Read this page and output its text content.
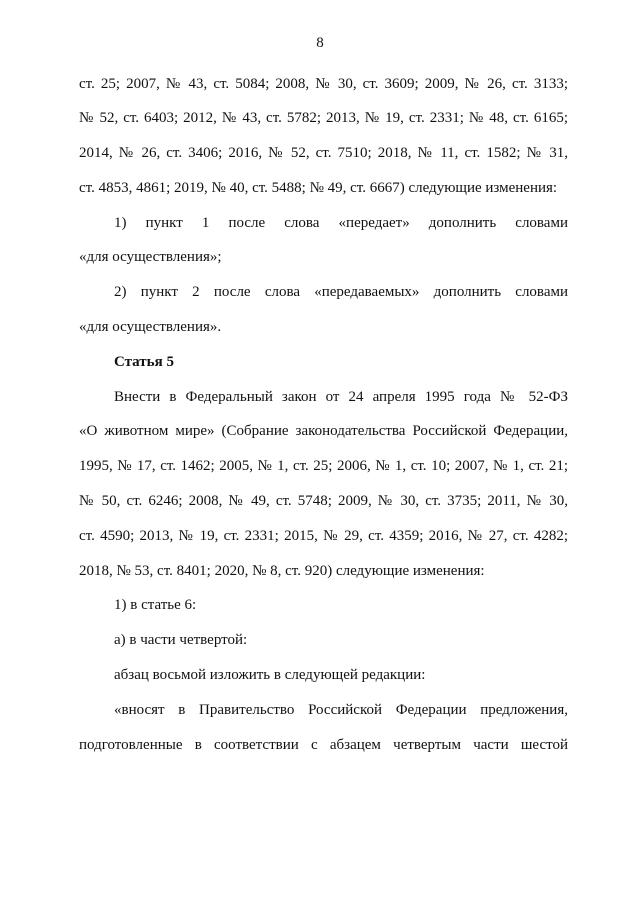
8
ст. 25; 2007, № 43, ст. 5084; 2008, № 30, ст. 3609; 2009, № 26, ст. 3133;
№ 52, ст. 6403; 2012, № 43, ст. 5782; 2013, № 19, ст. 2331; № 48, ст. 6165;
2014, № 26, ст. 3406; 2016, № 52, ст. 7510; 2018, № 11, ст. 1582; № 31,
ст. 4853, 4861; 2019, № 40, ст. 5488; № 49, ст. 6667) следующие изменения:
1) пункт 1 после слова «передает» дополнить словами
«для осуществления»;
2) пункт 2 после слова «передаваемых» дополнить словами
«для осуществления».
Статья 5
Внести в Федеральный закон от 24 апреля 1995 года № 52-ФЗ
«О животном мире» (Собрание законодательства Российской Федерации,
1995, № 17, ст. 1462; 2005, № 1, ст. 25; 2006, № 1, ст. 10; 2007, № 1, ст. 21;
№ 50, ст. 6246; 2008, № 49, ст. 5748; 2009, № 30, ст. 3735; 2011, № 30,
ст. 4590; 2013, № 19, ст. 2331; 2015, № 29, ст. 4359; 2016, № 27, ст. 4282;
2018, № 53, ст. 8401; 2020, № 8, ст. 920) следующие изменения:
1) в статье 6:
а) в части четвертой:
абзац восьмой изложить в следующей редакции:
«вносят в Правительство Российской Федерации предложения,
подготовленные в соответствии с абзацем четвертым части шестой
